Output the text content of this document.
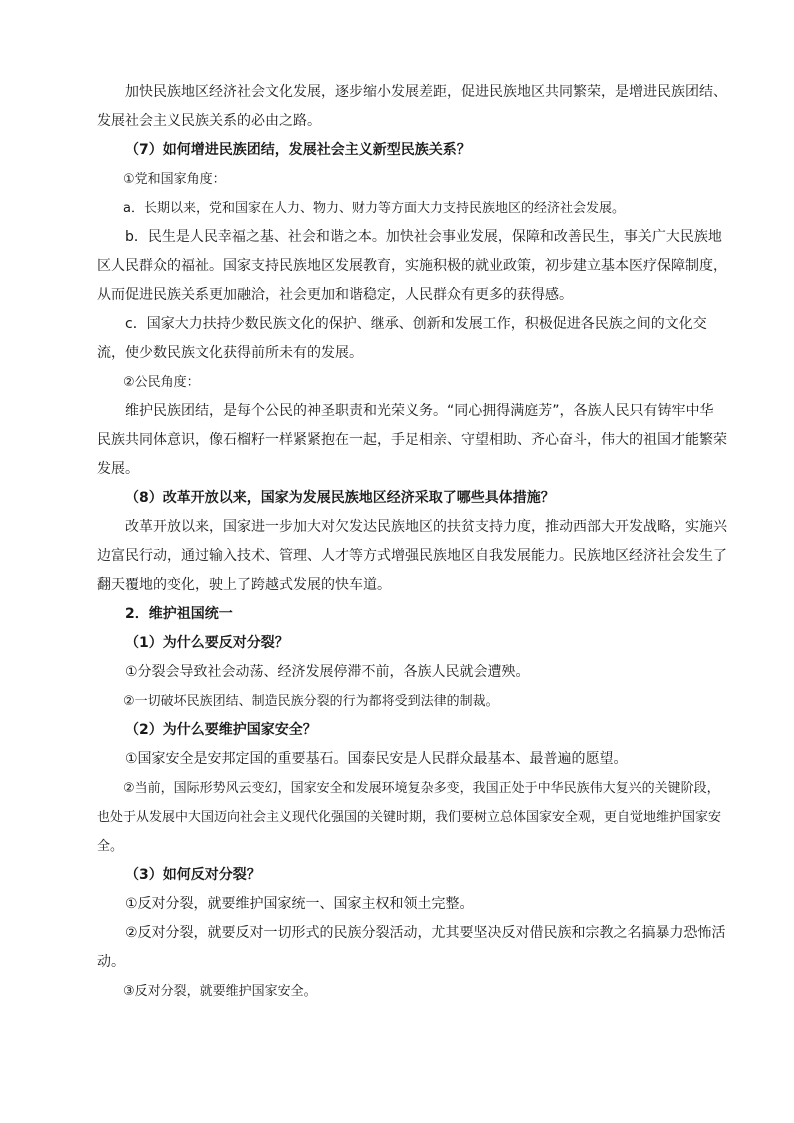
加快民族地区经济社会文化发展，逐步缩小发展差距，促进民族地区共同繁荣，是增进民族团结、发展社会主义民族关系的必由之路。

（7）如何增进民族团结，发展社会主义新型民族关系？

①党和国家角度：

a．长期以来，党和国家在人力、物力、财力等方面大力支持民族地区的经济社会发展。

b．民生是人民幸福之基、社会和谐之本。加快社会事业发展，保障和改善民生，事关广大民族地区人民群众的福祉。国家支持民族地区发展教育，实施积极的就业政策，初步建立基本医疗保障制度，从而促进民族关系更加融洽，社会更加和谐稳定，人民群众有更多的获得感。

c．国家大力扶持少数民族文化的保护、继承、创新和发展工作，积极促进各民族之间的文化交流，使少数民族文化获得前所未有的发展。

②公民角度：

维护民族团结，是每个公民的神圣职责和光荣义务。“同心拥得满庭芳”，各族人民只有铸牢中华民族共同体意识，像石榴籽一样紧紧抱在一起，手足相亲、守望相助、齐心奋斗，伟大的祖国才能繁荣发展。

（8）改革开放以来，国家为发展民族地区经济采取了哪些具体措施？

改革开放以来，国家进一步加大对欠发达民族地区的扶贫支持力度，推动西部大开发战略，实施兴边富民行动，通过输入技术、管理、人才等方式增强民族地区自我发展能力。民族地区经济社会发生了翻天覆地的变化，驶上了跨越式发展的快车道。

2．维护祖国统一

（1）为什么要反对分裂？

①分裂会导致社会动荡、经济发展停滞不前，各族人民就会遭殃。

②一切破坏民族团结、制造民族分裂的行为都将受到法律的制裁。

（2）为什么要维护国家安全？

①国家安全是安邦定国的重要基石。国泰民安是人民群众最基本、最普遍的愿望。

②当前，国际形势风云变幻，国家安全和发展环境复杂多变，我国正处于中华民族伟大复兴的关键阶段，也处于从发展中大国迈向社会主义现代化强国的关键时期，我们要树立总体国家安全观，更自觉地维护国家安全。

（3）如何反对分裂？

①反对分裂，就要维护国家统一、国家主权和领土完整。

②反对分裂，就要反对一切形式的民族分裂活动，尤其要坚决反对借民族和宗教之名搞暴力恐怖活动。

③反对分裂，就要维护国家安全。
